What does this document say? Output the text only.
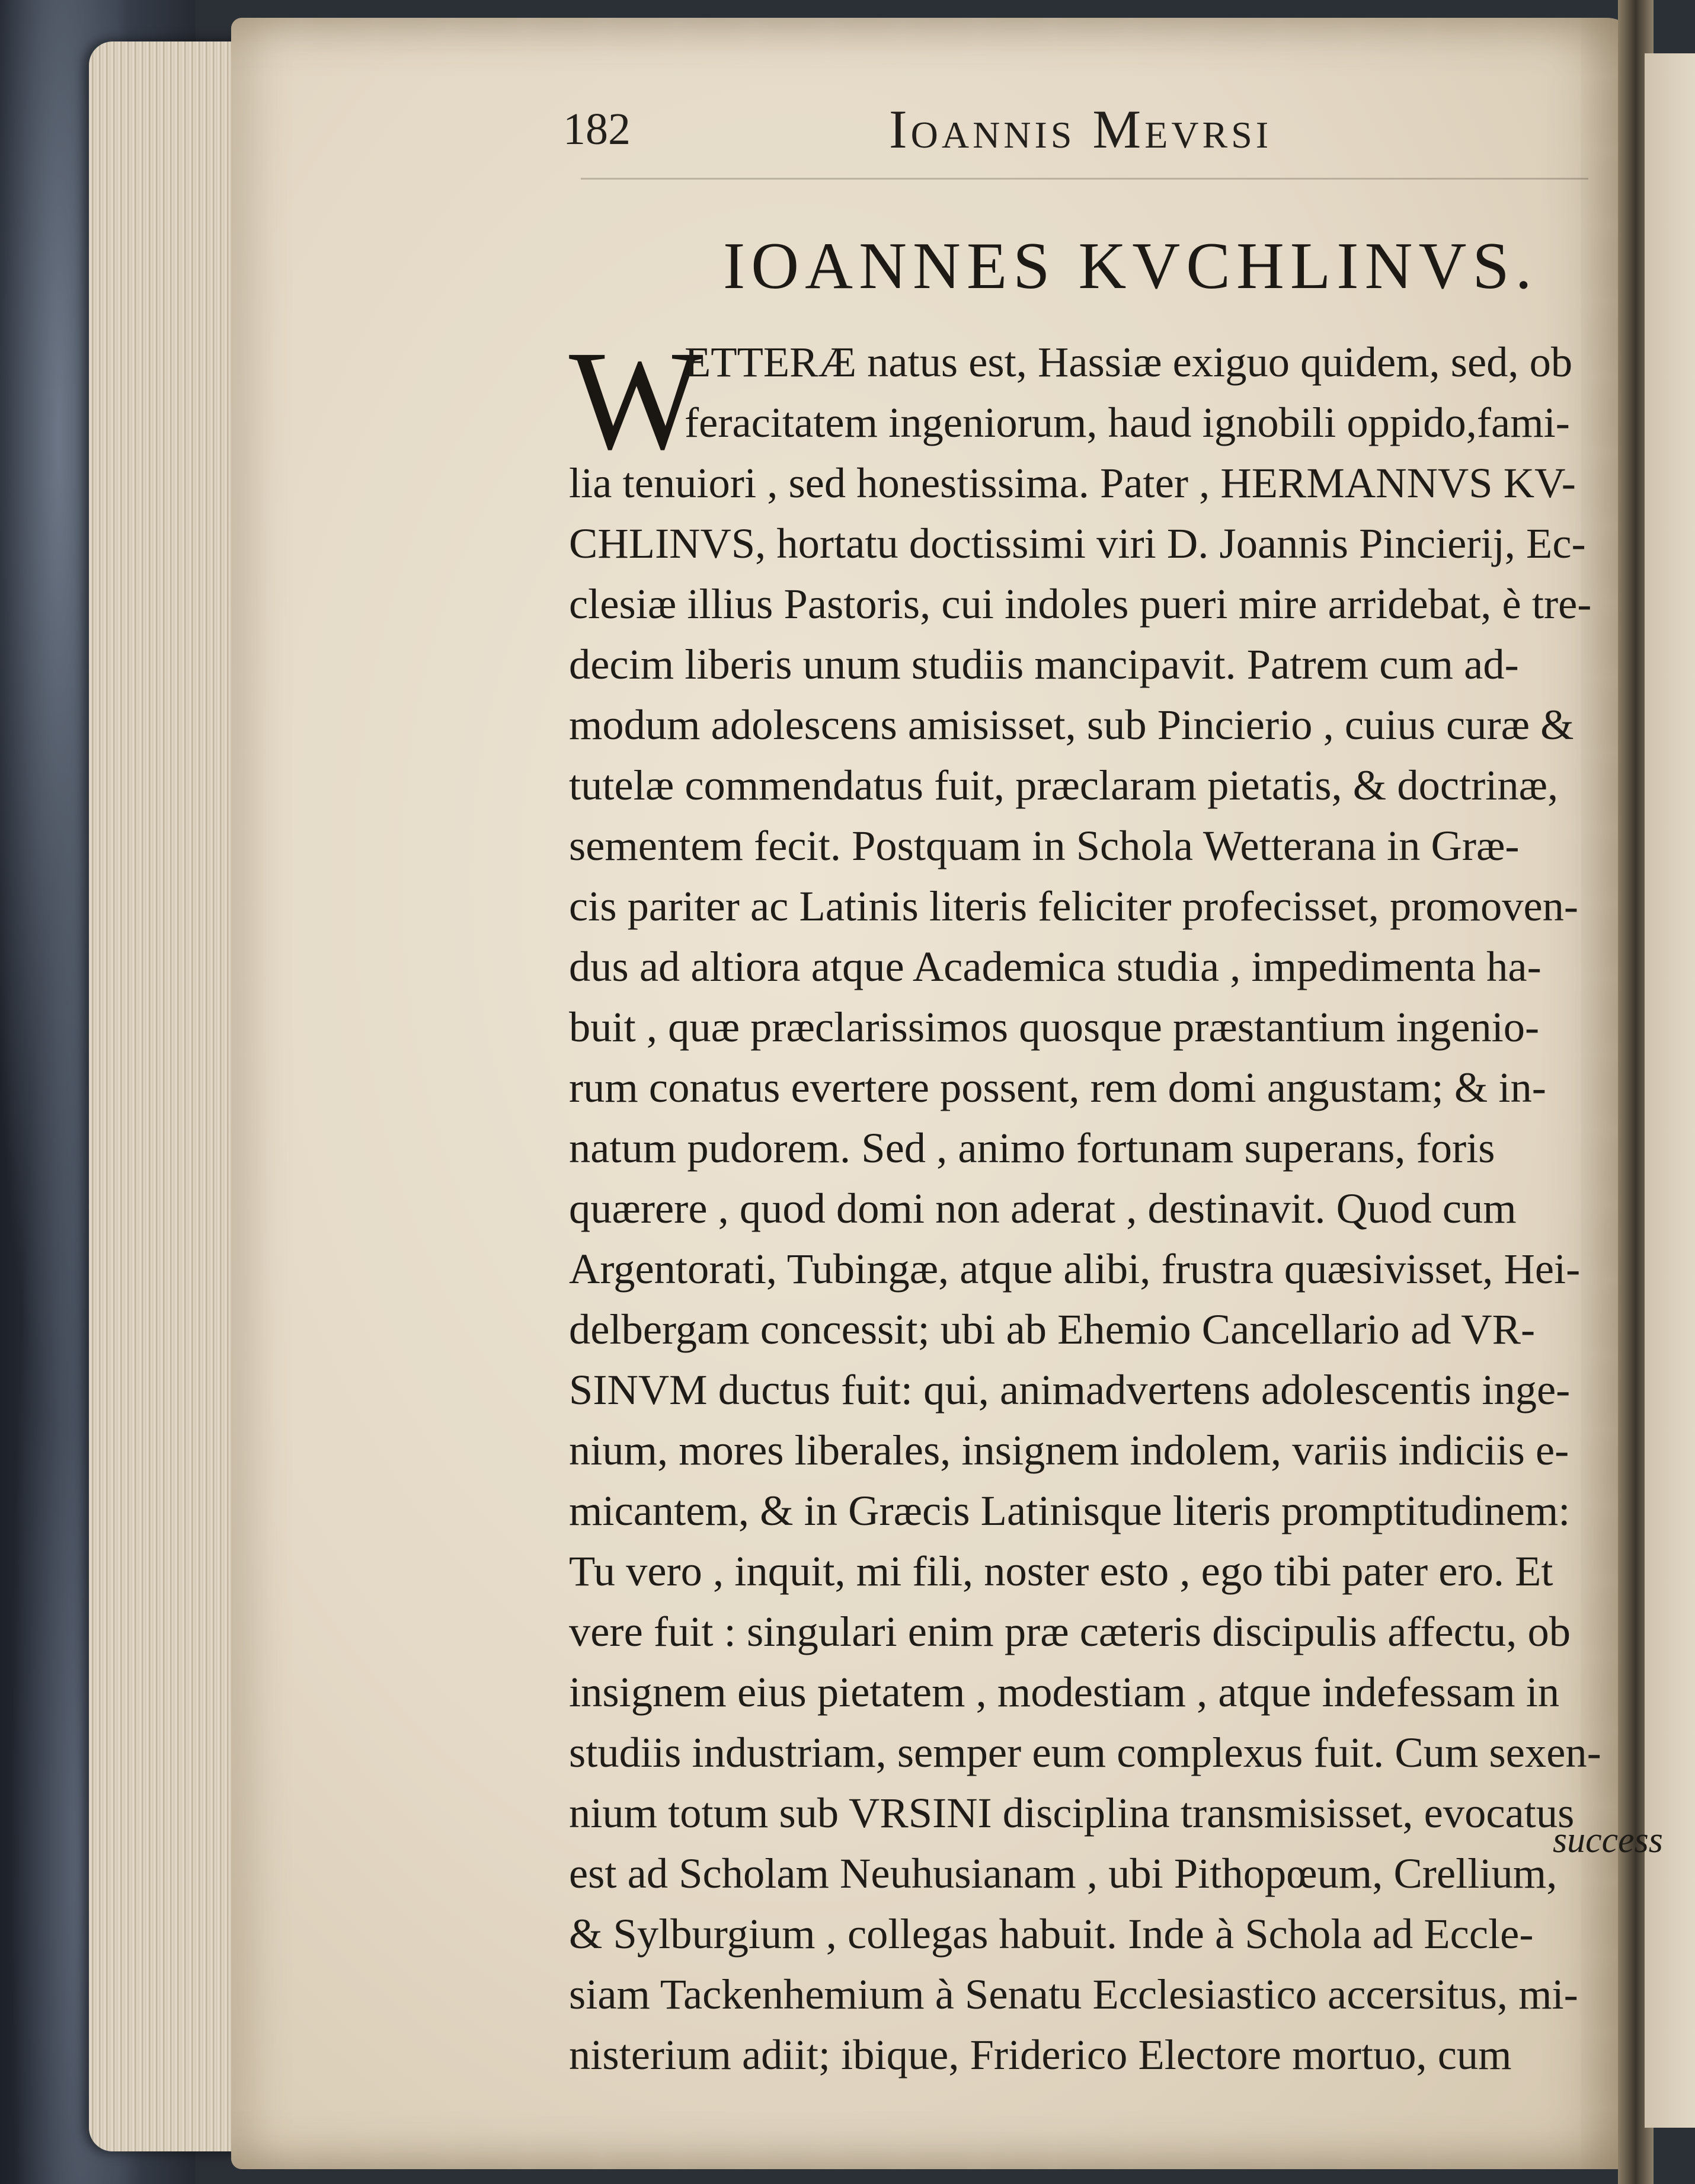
182	Ioannis Mevrsi
IOANNES KVCHLINVS.
W
ETTERÆ natus est, Hassiæ exiguo quidem, sed, ob
feracitatem ingeniorum, haud ignobili oppido,fami-
lia tenuiori , sed honestissima. Pater , HERMANNVS KV-
CHLINVS, hortatu doctissimi viri D. Joannis Pincierij, Ec-
clesiæ illius Pastoris, cui indoles pueri mire arridebat, è tre-
decim liberis unum studiis mancipavit. Patrem cum ad-
modum adolescens amisisset, sub Pincierio , cuius curæ &
tutelæ commendatus fuit, præclaram pietatis, & doctrinæ,
sementem fecit. Postquam in Schola Wetterana in Græ-
cis pariter ac Latinis literis feliciter profecisset, promoven-
dus ad altiora atque Academica studia , impedimenta ha-
buit , quæ præclarissimos quosque præstantium ingenio-
rum conatus evertere possent, rem domi angustam; & in-
natum pudorem. Sed , animo fortunam superans, foris
quærere , quod domi non aderat , destinavit. Quod cum
Argentorati, Tubingæ, atque alibi, frustra quæsivisset, Hei-
delbergam concessit; ubi ab Ehemio Cancellario ad VR-
SINVM ductus fuit: qui, animadvertens adolescentis inge-
nium, mores liberales, insignem indolem, variis indiciis e-
micantem, & in Græcis Latinisque literis promptitudinem:
Tu vero , inquit, mi fili, noster esto , ego tibi pater ero. Et
vere fuit : singulari enim præ cæteris discipulis affectu, ob
insignem eius pietatem , modestiam , atque indefessam in
studiis industriam, semper eum complexus fuit. Cum sexen-
nium totum sub VRSINI disciplina transmisisset, evocatus
est ad Scholam Neuhusianam , ubi Pithopœum, Crellium,
& Sylburgium , collegas habuit. Inde à Schola ad Eccle-
siam Tackenhemium à Senatu Ecclesiastico accersitus, mi-
nisterium adiit; ibique, Friderico Electore mortuo, cum
success
